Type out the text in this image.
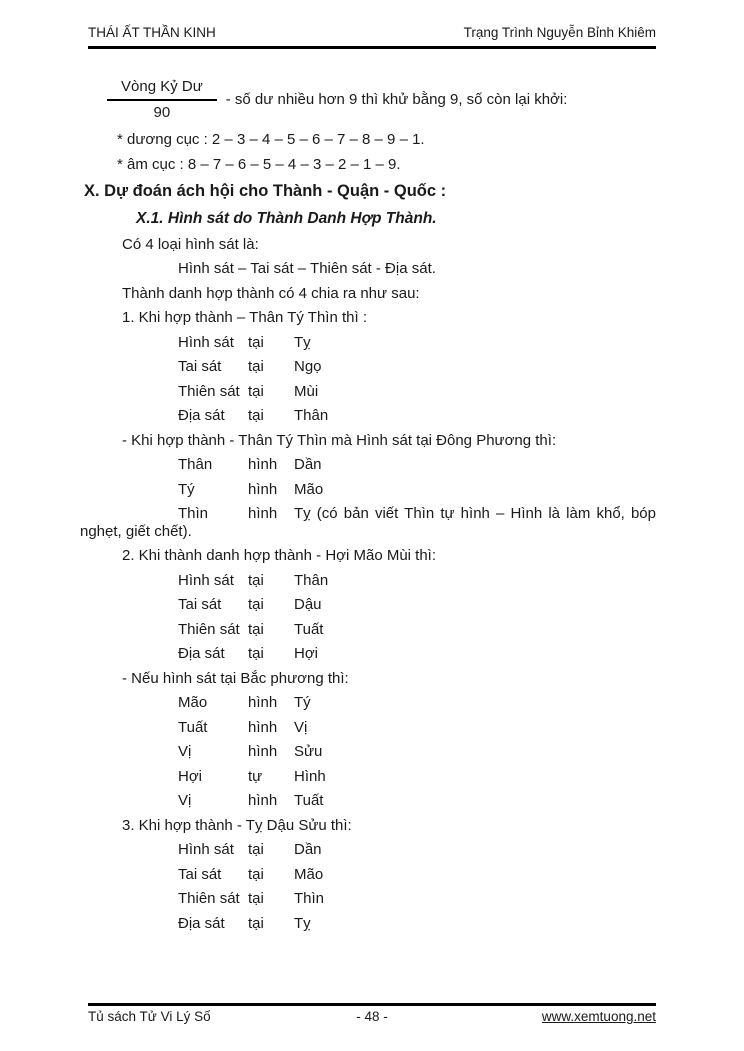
THÁI ẤT THẦN KINH	Trạng Trình Nguyễn Bỉnh Khiêm
$\frac{\text{Vòng Kỷ Dư}}{90}$ - số dư nhiều hơn 9 thì khử bằng 9, số còn lại khởi:
* dương cục : 2 – 3 – 4 – 5 – 6 – 7 – 8 – 9 – 1.
* âm cục : 8 – 7 – 6 – 5 – 4 – 3 – 2 – 1 – 9.
X. Dự đoán ách hội cho Thành - Quận - Quốc :
X.1. Hình sát do Thành Danh Hợp Thành.
Có 4 loại hình sát là:
Hình sát – Tai sát – Thiên sát - Địa sát.
Thành danh hợp thành có 4 chia ra như sau:
1. Khi hợp thành – Thân Tý Thìn thì :
Hình sát tại	Tỵ
Tai sát	tại	Ngọ
Thiên sát tại	Mùi
Địa sát	tại	Thân
- Khi hợp thành - Thân Tý Thìn mà Hình sát tại Đông Phương thì:
Thân	hình	Dần
Tý	hình	Mão
Thìn	hình	Tỵ (có bản viết Thìn tự hình – Hình là làm khổ, bóp
nghẹt, giết chết).
2. Khi thành danh hợp thành - Hợi Mão Mùi thì:
Hình sát tại	Thân
Tai sát	tại	Dậu
Thiên sát tại	Tuất
Địa sát	tại	Hợi
- Nếu hình sát tại Bắc phương thì:
Mão	hình	Tý
Tuất	hình	Vị
Vị	hình	Sửu
Hợi	tự	Hình
Vị	hình	Tuất
3. Khi hợp thành - Tỵ Dậu Sửu thì:
Hình sát tại	Dần
Tai sát	tại	Mão
Thiên sát tại	Thìn
Địa sát	tại	Tỵ
Tủ sách Tử Vi Lý Số	- 48 -	www.xemtuong.net
